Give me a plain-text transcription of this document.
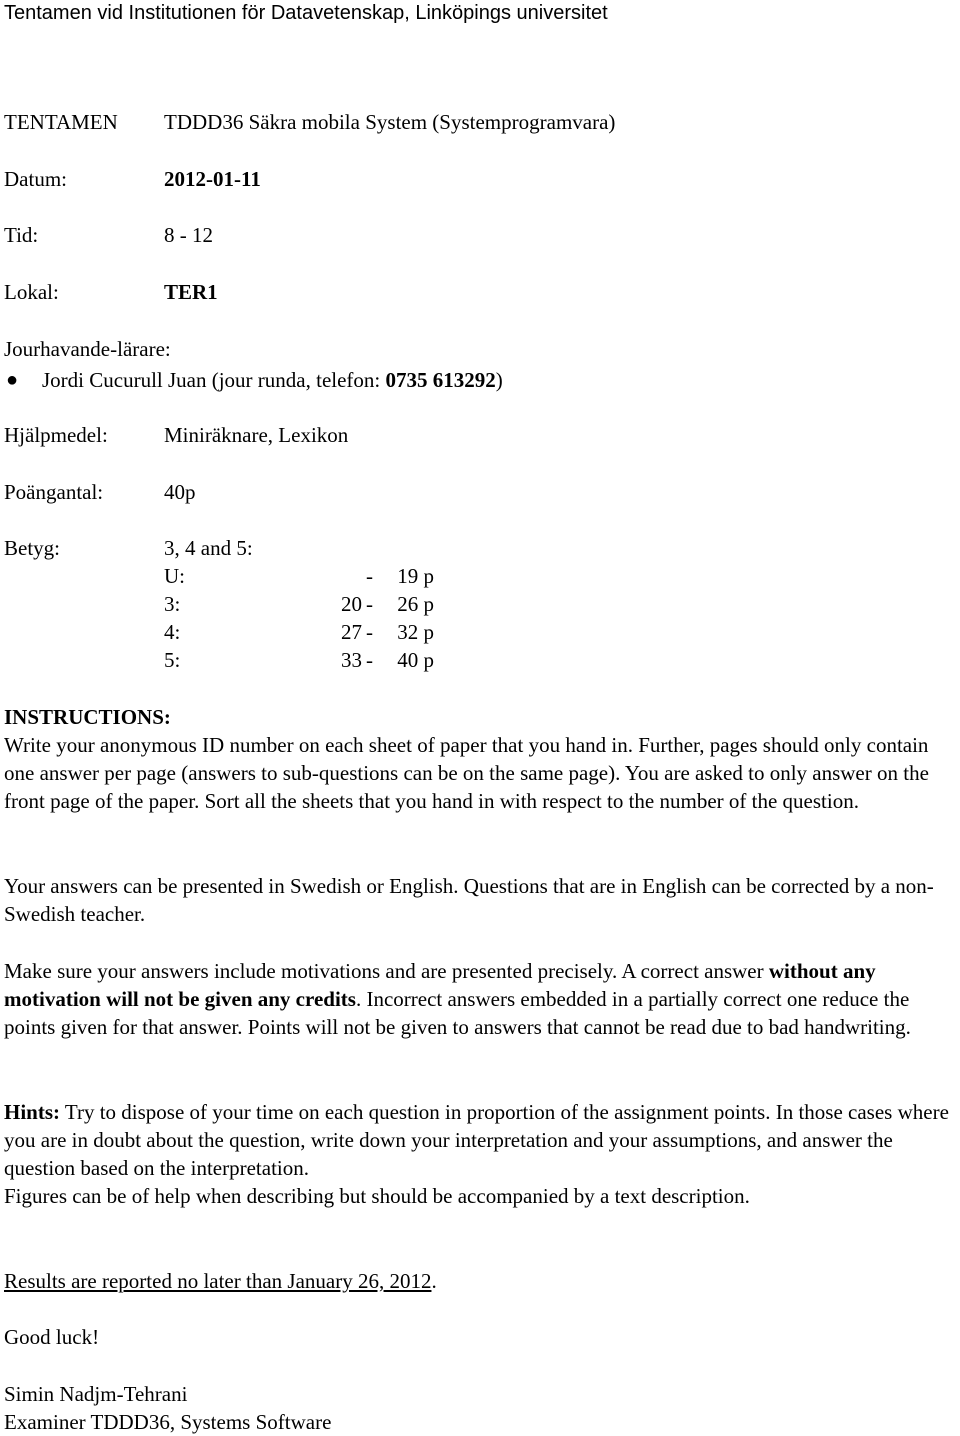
Tentamen vid Institutionen för Datavetenskap, Linköpings universitet
TENTAMEN TDDD36 Säkra mobila System (Systemprogramvara)
Datum:	2012-01-11
Tid:	8 - 12
Lokal:	TER1
Jourhavande-lärare:
● Jordi Cucurull Juan (jour runda, telefon: 0735 613292)
Hjälpmedel:	Miniräknare, Lexikon
Poängantal:	40p
Betyg:	3, 4 and 5:
U:	-	19 p
3:	20 -	26 p
4:	27 -	32 p
5:	33 -	40 p
INSTRUCTIONS:
Write your anonymous ID number on each sheet of paper that you hand in. Further, pages should only contain one answer per page (answers to sub-questions can be on the same page). You are asked to only answer on the front page of the paper. Sort all the sheets that you hand in with respect to the number of the question.
Your answers can be presented in Swedish or English. Questions that are in English can be corrected by a non-Swedish teacher.
Make sure your answers include motivations and are presented precisely. A correct answer without any motivation will not be given any credits. Incorrect answers embedded in a partially correct one reduce the points given for that answer. Points will not be given to answers that cannot be read due to bad handwriting.
Hints: Try to dispose of your time on each question in proportion of the assignment points. In those cases where you are in doubt about the question, write down your interpretation and your assumptions, and answer the question based on the interpretation.
Figures can be of help when describing but should be accompanied by a text description.
Results are reported no later than January 26, 2012.
Good luck!
Simin Nadjm-Tehrani
Examiner TDDD36, Systems Software
